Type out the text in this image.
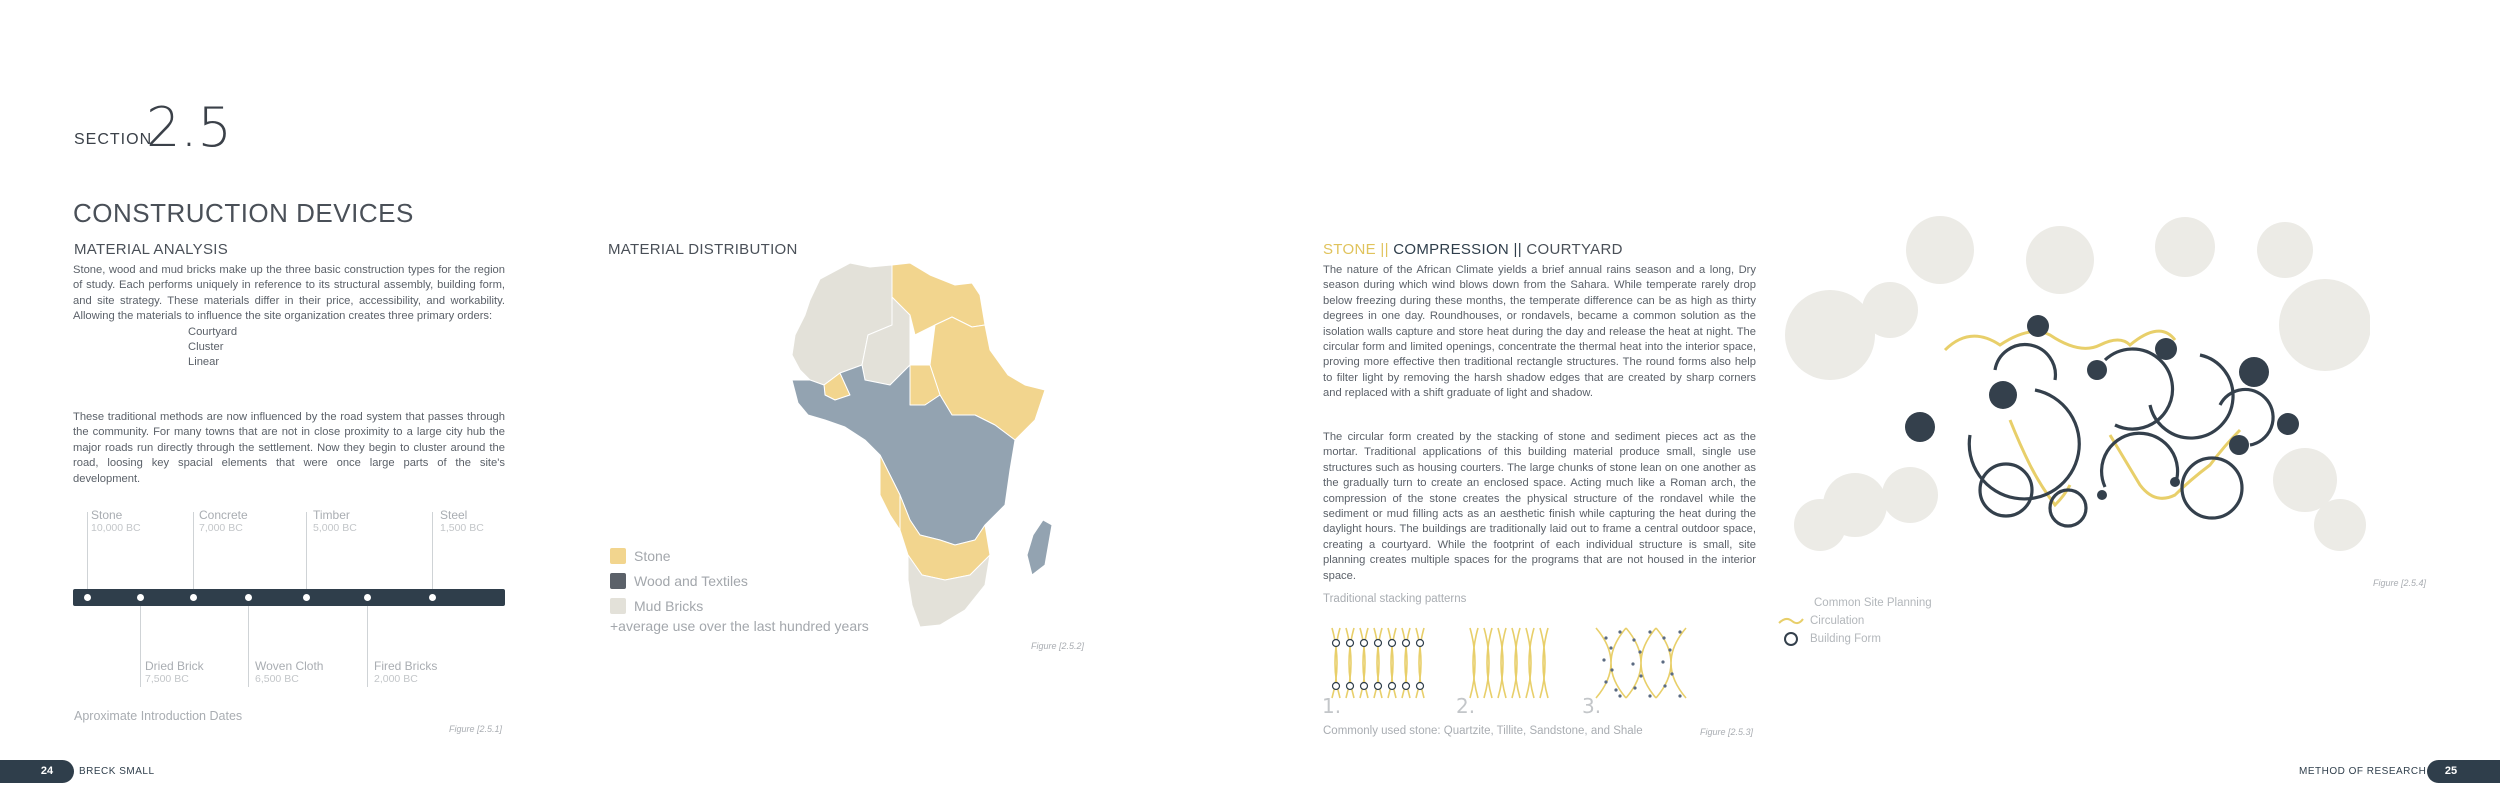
SECTION
2.5
CONSTRUCTION DEVICES
MATERIAL ANALYSIS
Stone, wood and mud bricks make up the three basic construction types for the region of study. Each performs uniquely in reference to its structural assembly, building form, and site strategy. These materials differ in their price, accessibility, and workability. Allowing the materials to influence the site organization creates three primary orders:
Courtyard
Cluster
Linear
These traditional methods are now influenced by the road system that passes through the community. For many towns that are not in close proximity to a large city hub the major roads run directly through the settlement. Now they begin to cluster around the road, loosing key spacial elements that were once large parts of the site's development.
Stone
10,000 BC
Concrete
7,000 BC
Timber
5,000 BC
Steel
1,500 BC
Dried Brick
7,500 BC
Woven Cloth
6,500 BC
Fired Bricks
2,000 BC
Aproximate Introduction Dates
Figure [2.5.1]
MATERIAL DISTRIBUTION
Stone
Wood and Textiles
Mud Bricks
+average use over the last hundred years
Figure [2.5.2]
24	BRECK SMALL
STONE || COMPRESSION || COURTYARD
The nature of the African Climate yields a brief annual rains season and a long, Dry season during which wind blows down from the Sahara. While temperate rarely drop below freezing during these months, the temperate difference can be as high as thirty degrees in one day. Roundhouses, or rondavels, became a common solution as the isolation walls capture and store heat during the day and release the heat at night. The circular form and limited openings, concentrate the thermal heat into the interior space, proving more effective then traditional rectangle structures. The round forms also help to filter light by removing the harsh shadow edges that are created by sharp corners and replaced with a shift graduate of light and shadow.
The circular form created by the stacking of stone and sediment pieces act as the mortar. Traditional applications of this building material produce small, single use structures such as housing courters. The large chunks of stone lean on one another as the gradually turn to create an enclosed space. Acting much like a Roman arch, the compression of the stone creates the physical structure of the rondavel while the sediment or mud filling acts as an aesthetic finish while capturing the heat during the daylight hours. The buildings are traditionally laid out to frame a central outdoor space, creating a courtyard. While the footprint of each individual structure is small, site planning creates multiple spaces for the programs that are not housed in the interior space.
Traditional stacking patterns
1.	2.	3.
Commonly used stone: Quartzite, Tillite, Sandstone, and Shale	Figure [2.5.3]
Figure [2.5.4]
Common Site Planning
Circulation
Building Form
METHOD OF RESEARCH	25
